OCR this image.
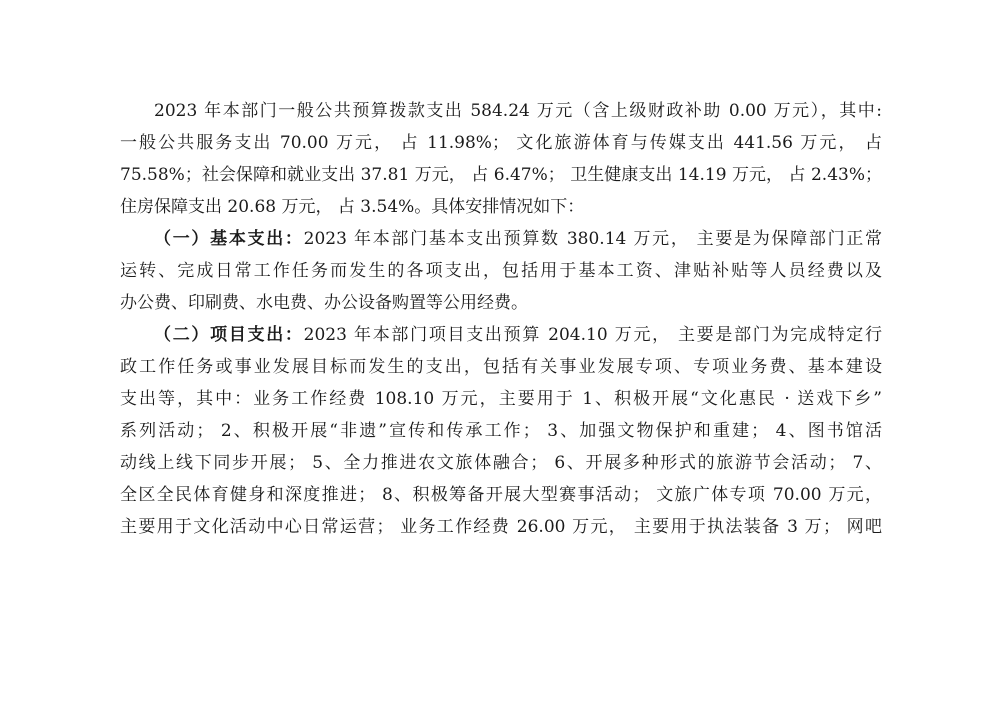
2023 年本部门一般公共预算拨款支出 584.24 万元（含上级财政补助 0.00 万元），其中:
一般公共服务支出 70.00 万元， 占 11.98%； 文化旅游体育与传媒支出 441.56 万元， 占
75.58%；社会保障和就业支出 37.81 万元， 占 6.47%； 卫生健康支出 14.19 万元， 占 2.43%；
住房保障支出 20.68 万元， 占 3.54%。具体安排情况如下：
（一）基本支出：2023 年本部门基本支出预算数 380.14 万元， 主要是为保障部门正常
运转、完成日常工作任务而发生的各项支出，包括用于基本工资、津贴补贴等人员经费以及
办公费、印刷费、水电费、办公设备购置等公用经费。
（二）项目支出：2023 年本部门项目支出预算 204.10 万元， 主要是部门为完成特定行
政工作任务或事业发展目标而发生的支出，包括有关事业发展专项、专项业务费、基本建设
支出等，其中：业务工作经费 108.10 万元，主要用于 1、积极开展“文化惠民 · 送戏下乡”
系列活动； 2、积极开展“非遗”宣传和传承工作； 3、加强文物保护和重建； 4、图书馆活
动线上线下同步开展； 5、全力推进农文旅体融合； 6、开展多种形式的旅游节会活动； 7、
全区全民体育健身和深度推进； 8、积极筹备开展大型赛事活动； 文旅广体专项 70.00 万元，
主要用于文化活动中心日常运营； 业务工作经费 26.00 万元， 主要用于执法装备 3 万； 网吧
